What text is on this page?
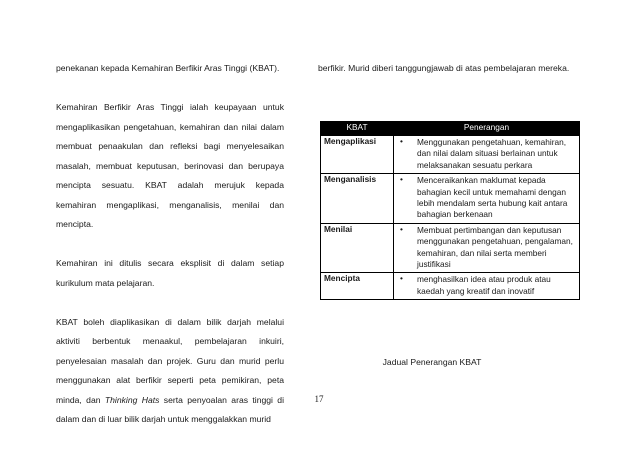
penekanan kepada Kemahiran Berfikir Aras Tinggi (KBAT).

Kemahiran Berfikir Aras Tinggi ialah keupayaan untuk mengaplikasikan pengetahuan, kemahiran dan nilai dalam membuat penaakulan dan refleksi bagi menyelesaikan masalah, membuat keputusan, berinovasi dan berupaya mencipta sesuatu. KBAT adalah merujuk kepada kemahiran mengaplikasi, menganalisis, menilai dan mencipta.

Kemahiran ini ditulis secara eksplisit di dalam setiap kurikulum mata pelajaran.

KBAT boleh diaplikasikan di dalam bilik darjah melalui aktiviti berbentuk menaakul, pembelajaran inkuiri, penyelesaian masalah dan projek. Guru dan murid perlu menggunakan alat berfikir seperti peta pemikiran, peta minda, dan Thinking Hats serta penyoalan aras tinggi di dalam dan di luar bilik darjah untuk menggalakkan murid

berfikir. Murid diberi tanggungjawab di atas pembelajaran mereka.

KBAT	Penerangan	
Mengaplikasi	•	Menggunakan pengetahuan, kemahiran, dan nilai dalam situasi berlainan untuk melaksanakan sesuatu perkara
Menganalisis	•	Menceraikankan maklumat kepada bahagian kecil untuk memahami dengan lebih mendalam serta hubung kait antara bahagian berkenaan
Menilai	•	Membuat pertimbangan dan keputusan menggunakan pengetahuan, pengalaman, kemahiran, dan nilai serta memberi justifikasi
Mencipta	•	menghasilkan idea atau produk atau kaedah yang kreatif dan inovatif
Jadual Penerangan KBAT
17
